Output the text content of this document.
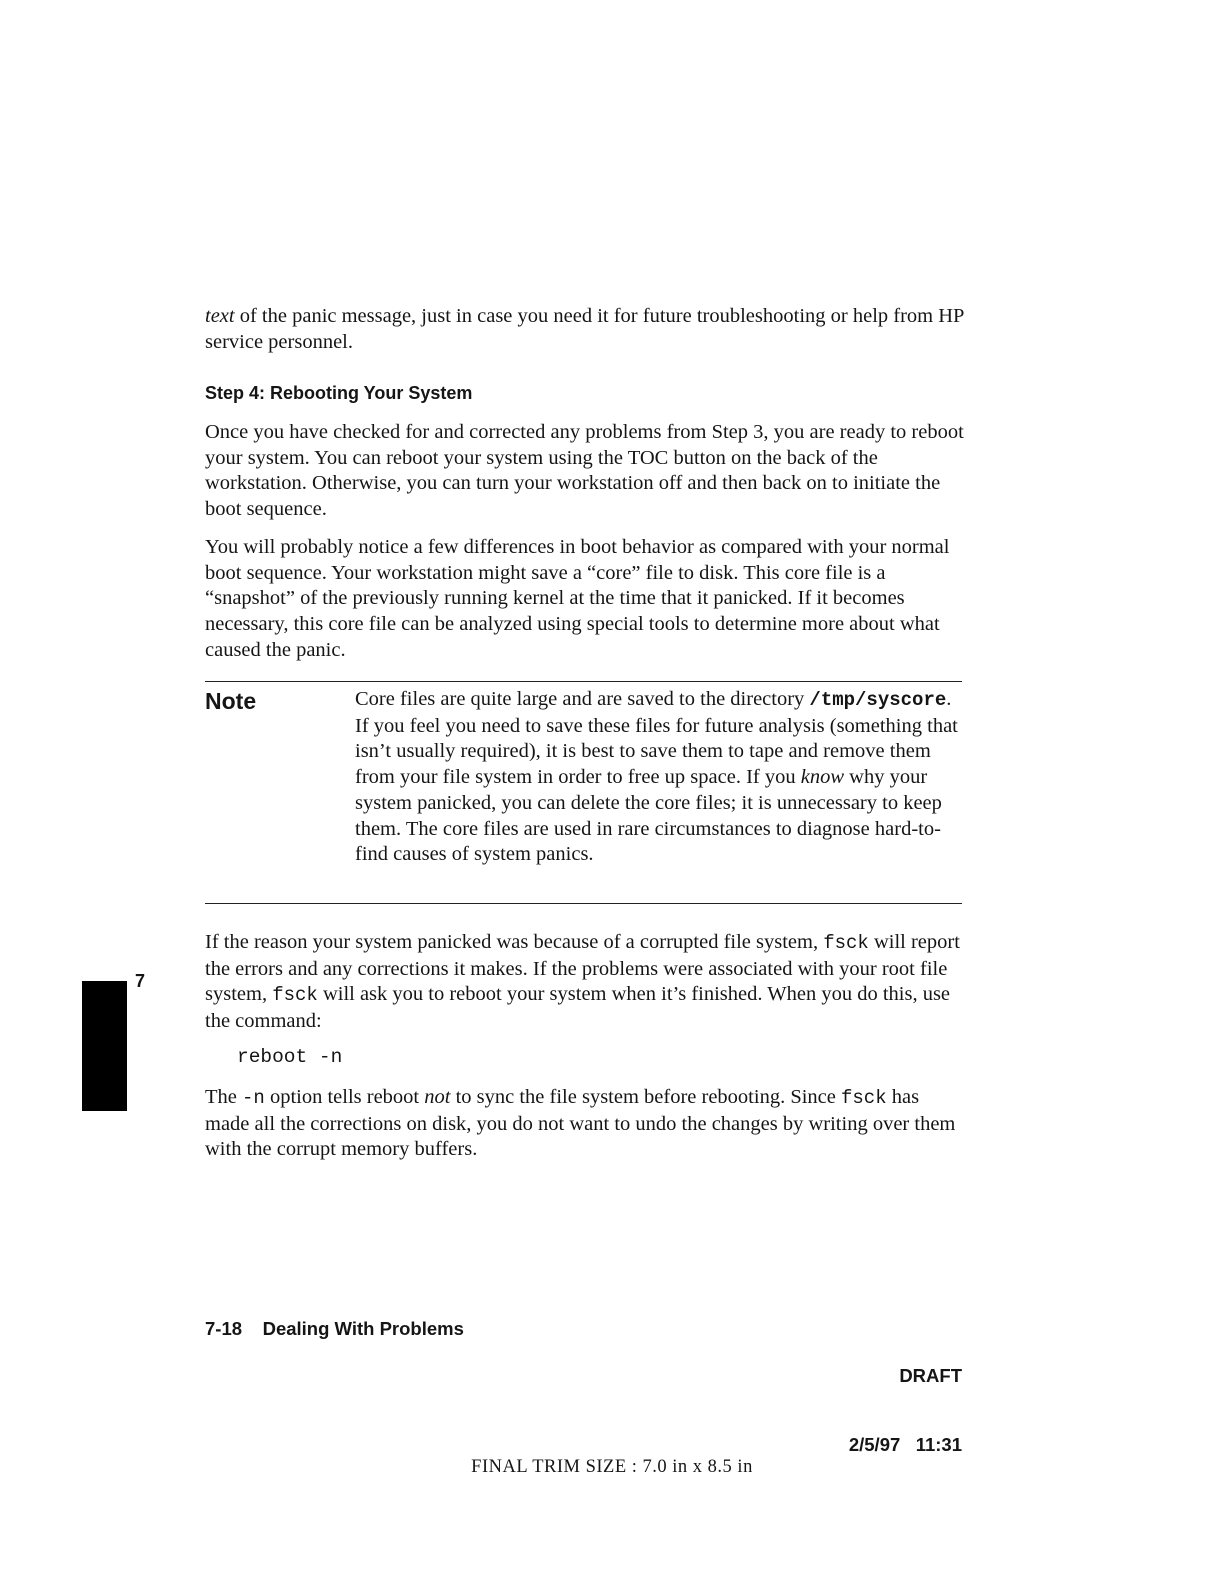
text of the panic message, just in case you need it for future troubleshooting or help from HP service personnel.

Step 4: Rebooting Your System

Once you have checked for and corrected any problems from Step 3, you are ready to reboot your system. You can reboot your system using the TOC button on the back of the workstation. Otherwise, you can turn your workstation off and then back on to initiate the boot sequence.

You will probably notice a few differences in boot behavior as compared with your normal boot sequence. Your workstation might save a “core” file to disk. This core file is a “snapshot” of the previously running kernel at the time that it panicked. If it becomes necessary, this core file can be analyzed using special tools to determine more about what caused the panic.

Note	Core files are quite large and are saved to the directory /tmp/syscore. If you feel you need to save these files for future analysis (something that isn’t usually required), it is best to save them to tape and remove them from your file system in order to free up space. If you know why your system panicked, you can delete the core files; it is unnecessary to keep them. The core files are used in rare circumstances to diagnose hard-to-find causes of system panics.

If the reason your system panicked was because of a corrupted file system, fsck will report the errors and any corrections it makes. If the problems were associated with your root file system, fsck will ask you to reboot your system when it’s finished. When you do this, use the command:

reboot -n

The -n option tells reboot not to sync the file system before rebooting. Since fsck has made all the corrections on disk, you do not want to undo the changes by writing over them with the corrupt memory buffers.

7
7-18 Dealing With Problems

DRAFT

2/5/97 11:31

FINAL TRIM SIZE : 7.0 in x 8.5 in
